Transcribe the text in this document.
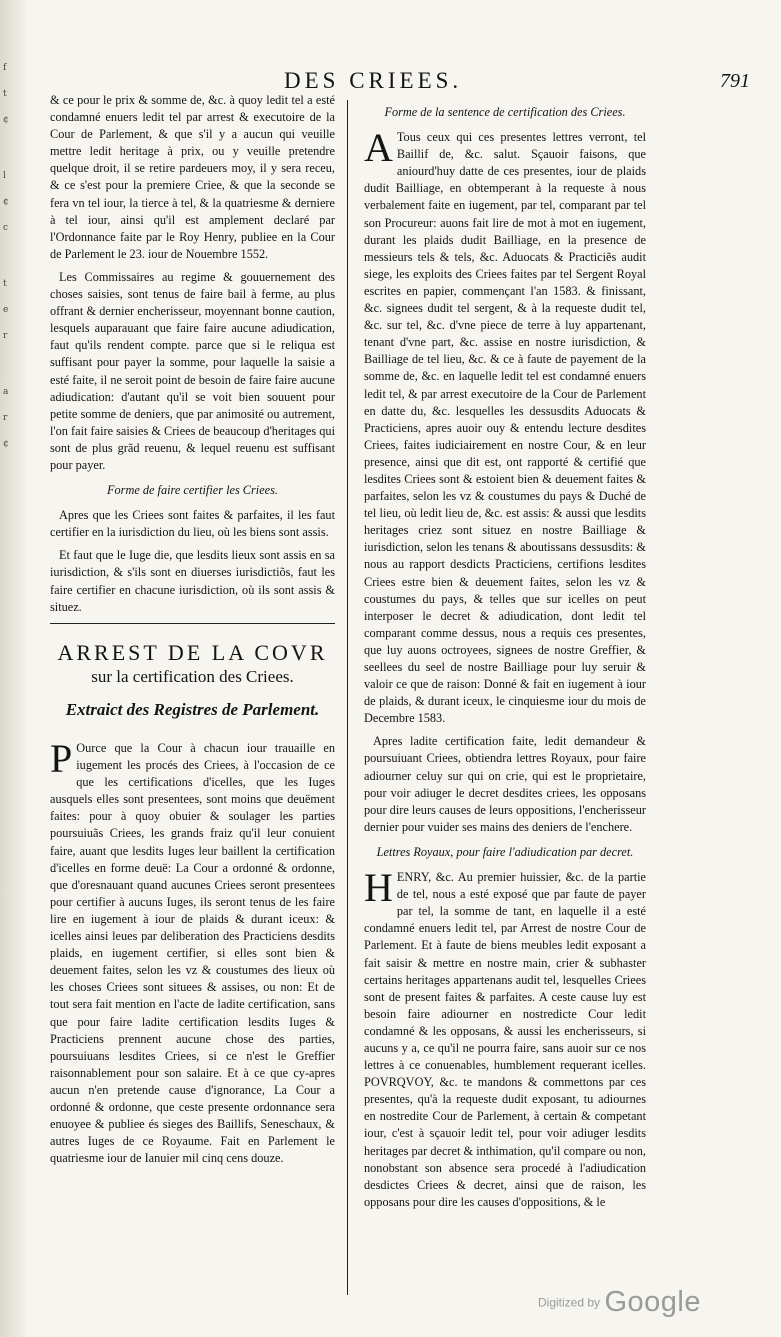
f
t
¢
l
¢
c
t
e
r
a
r
¢
DES CRIEES.	791

& ce pour le prix & somme de, &c. à quoy ledit tel a esté condamné enuers ledit tel par arrest & executoire de la Cour de Parlement, & que s'il y a aucun qui veuille mettre ledit heritage à prix, ou y veuille pretendre quelque droit, il se retire pardeuers moy, il y sera receu, & ce s'est pour la premiere Criee, & que la seconde se fera vn tel iour, la tierce à tel, & la quatriesme & derniere à tel iour, ainsi qu'il est amplement declaré par l'Ordonnance faite par le Roy Henry, publiee en la Cour de Parlement le 23. iour de Nouembre 1552.

Les Commissaires au regime & gouuernement des choses saisies, sont tenus de faire bail à ferme, au plus offrant & dernier encherisseur, moyennant bonne caution, lesquels auparauant que faire faire aucune adiudication, faut qu'ils rendent compte. parce que si le reliqua est suffisant pour payer la somme, pour laquelle la saisie a esté faite, il ne seroit point de besoin de faire faire aucune adiudication: d'autant qu'il se voit bien souuent pour petite somme de deniers, que par animosité ou autrement, l'on fait faire saisies & Criees de beaucoup d'heritages qui sont de plus grãd reuenu, & lequel reuenu est suffisant pour payer.

Forme de faire certifier les Criees.

Apres que les Criees sont faites & parfaites, il les faut certifier en la iurisdiction du lieu, où les biens sont assis.

Et faut que le Iuge die, que lesdits lieux sont assis en sa iurisdiction, & s'ils sont en diuerses iurisdictiõs, faut les faire certifier en chacune iurisdiction, où ils sont assis & situez.

ARREST DE LA COVR

sur la certification des Criees.

Extraict des Registres de Parlement.

P Ource que la Cour à chacun iour trauaille en iugement les procés des Criees, à l'occasion de ce que les certifications d'icelles, que les Iuges ausquels elles sont presentees, sont moins que deuëment faites: pour à quoy obuier & soulager les parties poursuiuãs Criees, les grands fraiz qu'il leur conuient faire, auant que lesdits Iuges leur baillent la certification d'icelles en forme deuë: La Cour a ordonné & ordonne, que d'oresnauant quand aucunes Criees seront presentees pour certifier à aucuns Iuges, ils seront tenus de les faire lire en iugement à iour de plaids & durant iceux: & icelles ainsi leues par deliberation des Practiciens desdits plaids, en iugement certifier, si elles sont bien & deuement faites, selon les vz & coustumes des lieux où les choses Criees sont situees & assises, ou non: Et de tout sera fait mention en l'acte de ladite certification, sans que pour faire ladite certification lesdits Iuges & Practiciens prennent aucune chose des parties, poursuiuans lesdites Criees, si ce n'est le Greffier raisonnablement pour son salaire. Et à ce que cy-apres aucun n'en pretende cause d'ignorance, La Cour a ordonné & ordonne, que ceste presente ordonnance sera enuoyee & publiee és sieges des Baillifs, Seneschaux, & autres Iuges de ce Royaume. Fait en Parlement le quatriesme iour de Ianuier mil cinq cens douze.

Forme de la sentence de certification des Criees.

A Tous ceux qui ces presentes lettres verront, tel Baillif de, &c. salut. Sçauoir faisons, que aniourd'huy datte de ces presentes, iour de plaids dudit Bailliage, en obtemperant à la requeste à nous verbalement faite en iugement, par tel, comparant par tel son Procureur: auons fait lire de mot à mot en iugement, durant les plaids dudit Bailliage, en la presence de messieurs tels & tels, &c. Aduocats & Practiciẽs audit siege, les exploits des Criees faites par tel Sergent Royal escrites en papier, commençant l'an 1583. & finissant, &c. signees dudit tel sergent, & à la requeste dudit tel, &c. sur tel, &c. d'vne piece de terre à luy appartenant, tenant d'vne part, &c. assise en nostre iurisdiction, & Bailliage de tel lieu, &c. & ce à faute de payement de la somme de, &c. en laquelle ledit tel est condamné enuers ledit tel, & par arrest executoire de la Cour de Parlement en datte du, &c. lesquelles les dessusdits Aduocats & Practiciens, apres auoir ouy & entendu lecture desdites Criees, faites iudiciairement en nostre Cour, & en leur presence, ainsi que dit est, ont rapporté & certifié que lesdites Criees sont & estoient bien & deuement faites & parfaites, selon les vz & coustumes du pays & Duché de tel lieu, où ledit lieu de, &c. est assis: & aussi que lesdits heritages criez sont situez en nostre Bailliage & iurisdiction, selon les tenans & aboutissans dessusdits: & nous au rapport desdicts Practiciens, certifions lesdites Criees estre bien & deuement faites, selon les vz & coustumes du pays, & telles que sur icelles on peut interposer le decret & adiudication, dont ledit tel comparant comme dessus, nous a requis ces presentes, que luy auons octroyees, signees de nostre Greffier, & seellees du seel de nostre Bailliage pour luy seruir & valoir ce que de raison: Donné & fait en iugement à iour de plaids, & durant iceux, le cinquiesme iour du mois de Decembre 1583.

Apres ladite certification faite, ledit demandeur & poursuiuant Criees, obtiendra lettres Royaux, pour faire adiourner celuy sur qui on crie, qui est le proprietaire, pour voir adiuger le decret desdites criees, les opposans pour dire leurs causes de leurs oppositions, l'encherisseur dernier pour vuider ses mains des deniers de l'enchere.

Lettres Royaux, pour faire l'adiudication par decret.

H ENRY, &c. Au premier huissier, &c. de la partie de tel, nous a esté exposé que par faute de payer par tel, la somme de tant, en laquelle il a esté condamné enuers ledit tel, par Arrest de nostre Cour de Parlement. Et à faute de biens meubles ledit exposant a fait saisir & mettre en nostre main, crier & subhaster certains heritages appartenans audit tel, lesquelles Criees sont de present faites & parfaites. A ceste cause luy est besoin faire adiourner en nostredicte Cour ledit condamné & les opposans, & aussi les encherisseurs, si aucuns y a, ce qu'il ne pourra faire, sans auoir sur ce nos lettres à ce conuenables, humblement requerant icelles. POVRQVOY, &c. te mandons & commettons par ces presentes, qu'à la requeste dudit exposant, tu adiournes en nostredite Cour de Parlement, à certain & competant iour, c'est à sçauoir ledit tel, pour voir adiuger lesdits heritages par decret & inthimation, qu'il compare ou non, nonobstant son absence sera procedé à l'adiudication desdictes Criees & decret, ainsi que de raison, les opposans pour dire les causes d'oppositions, & le

Digitized by Google
